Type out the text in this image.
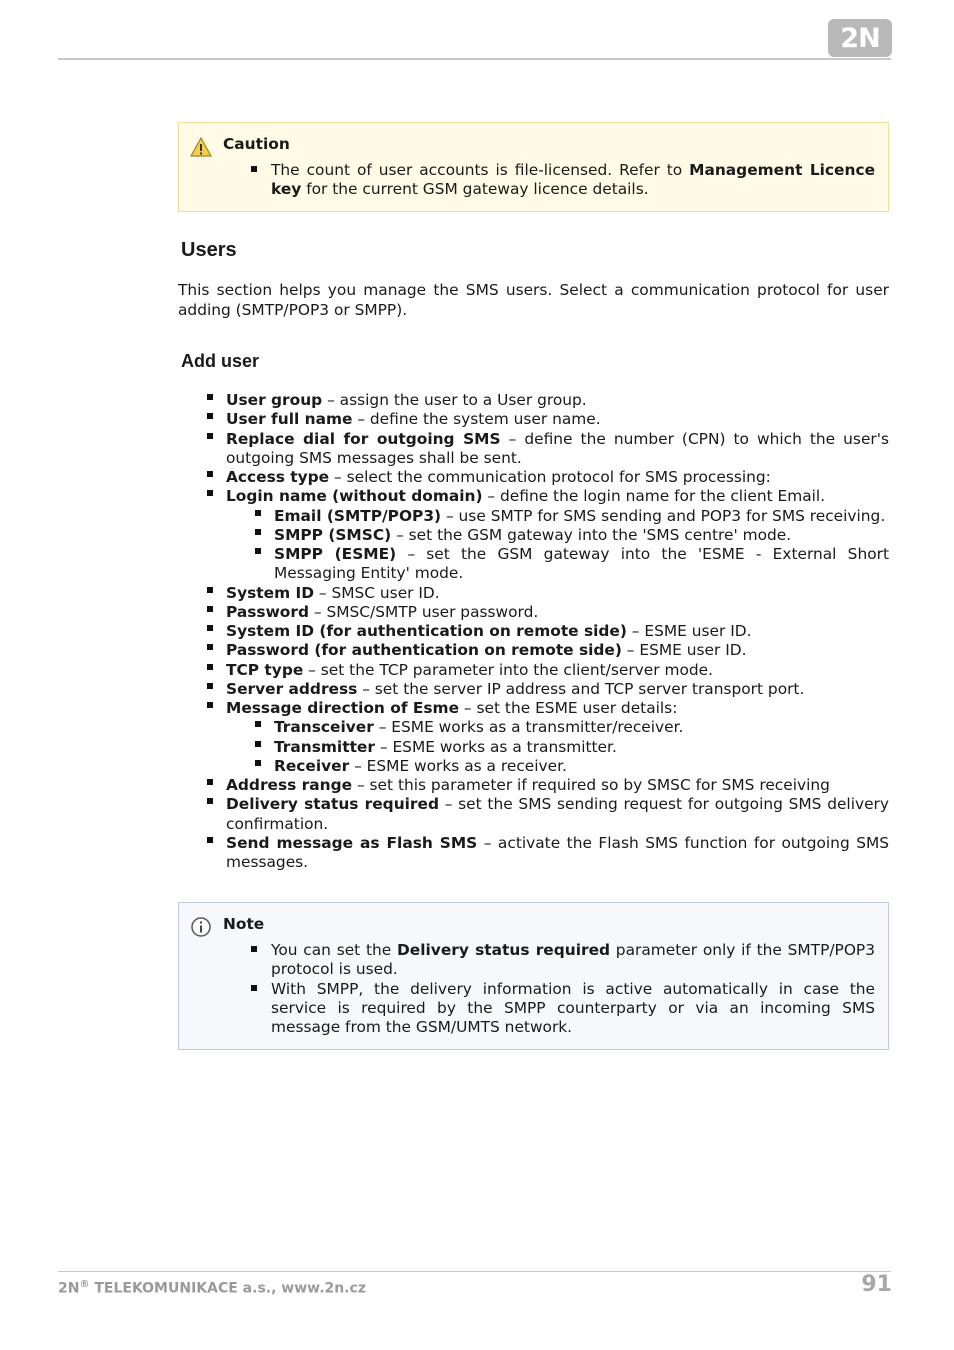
2N
Caution
The count of user accounts is file-licensed. Refer to Management Licence key for the current GSM gateway licence details.
Users

This section helps you manage the SMS users. Select a communication protocol for user adding (SMTP/POP3 or SMPP).

Add user
User group – assign the user to a User group.
User full name – define the system user name.
Replace dial for outgoing SMS – define the number (CPN) to which the user's outgoing SMS messages shall be sent.
Access type – select the communication protocol for SMS processing:
Login name (without domain) – define the login name for the client Email.
Email (SMTP/POP3) – use SMTP for SMS sending and POP3 for SMS receiving.
SMPP (SMSC) – set the GSM gateway into the 'SMS centre' mode.
SMPP (ESME) – set the GSM gateway into the 'ESME - External Short Messaging Entity' mode.
System ID – SMSC user ID.
Password – SMSC/SMTP user password.
System ID (for authentication on remote side) – ESME user ID.
Password (for authentication on remote side) – ESME user ID.
TCP type – set the TCP parameter into the client/server mode.
Server address – set the server IP address and TCP server transport port.
Message direction of Esme – set the ESME user details:
Transceiver – ESME works as a transmitter/receiver.
Transmitter – ESME works as a transmitter.
Receiver – ESME works as a receiver.
Address range – set this parameter if required so by SMSC for SMS receiving
Delivery status required – set the SMS sending request for outgoing SMS delivery confirmation.
Send message as Flash SMS – activate the Flash SMS function for outgoing SMS messages.
Note
You can set the Delivery status required parameter only if the SMTP/POP3 protocol is used.
With SMPP, the delivery information is active automatically in case the service is required by the SMPP counterparty or via an incoming SMS message from the GSM/UMTS network.
2N® TELEKOMUNIKACE a.s., www.2n.cz	91
